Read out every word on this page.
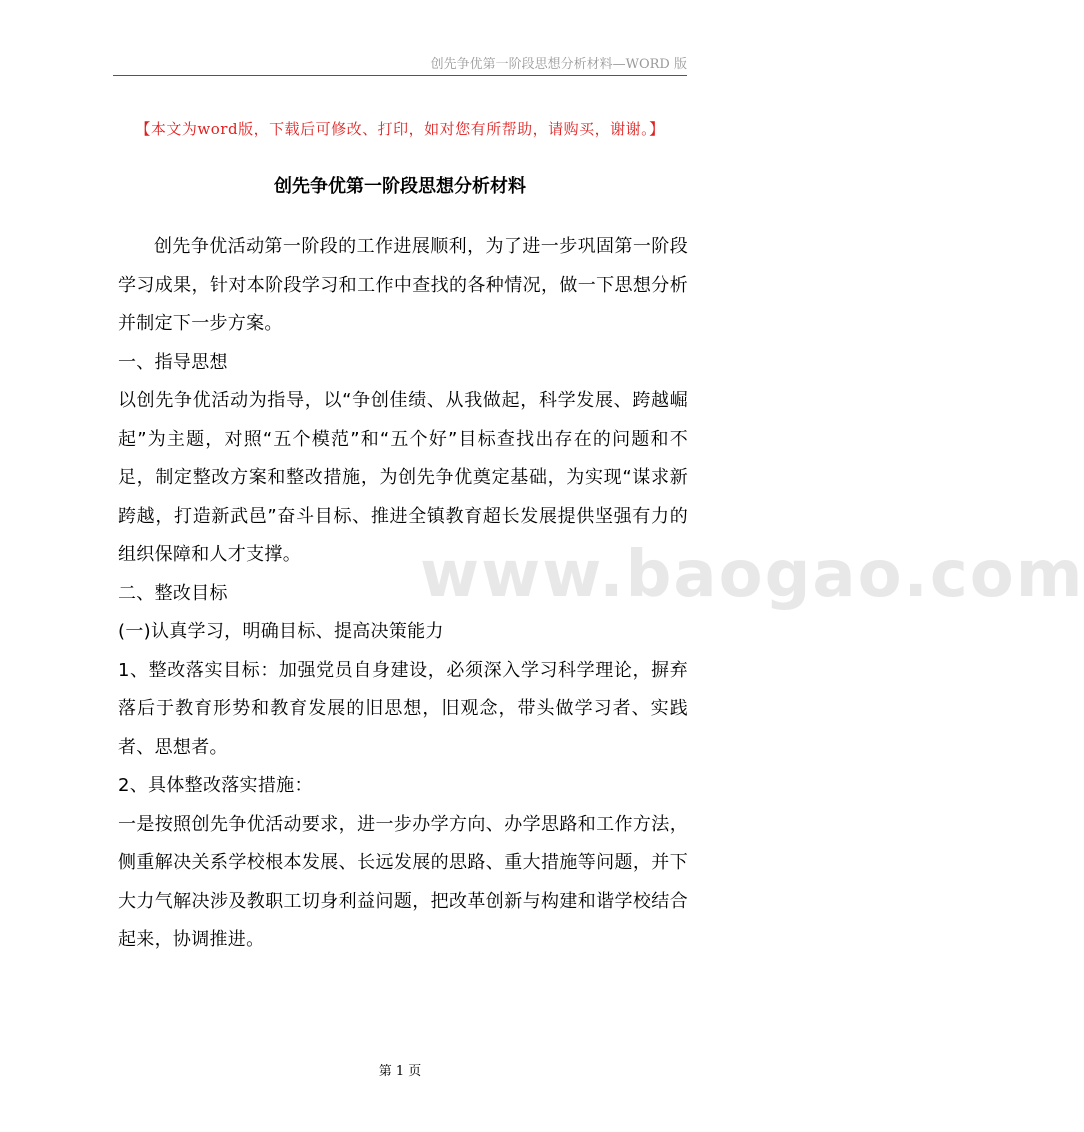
创先争优第一阶段思想分析材料—WORD 版
【本文为word版，下载后可修改、打印，如对您有所帮助，请购买，谢谢。】
创先争优第一阶段思想分析材料

创先争优活动第一阶段的工作进展顺利，为了进一步巩固第一阶段学习成果，针对本阶段学习和工作中查找的各种情况，做一下思想分析并制定下一步方案。

一、指导思想

以创先争优活动为指导，以“争创佳绩、从我做起，科学发展、跨越崛起”为主题，对照“五个模范”和“五个好”目标查找出存在的问题和不足，制定整改方案和整改措施，为创先争优奠定基础，为实现“谋求新跨越，打造新武邑”奋斗目标、推进全镇教育超长发展提供坚强有力的组织保障和人才支撑。

二、整改目标

(一)认真学习，明确目标、提高决策能力

1、整改落实目标：加强党员自身建设，必须深入学习科学理论，摒弃落后于教育形势和教育发展的旧思想，旧观念，带头做学习者、实践者、思想者。

2、具体整改落实措施：

一是按照创先争优活动要求，进一步办学方向、办学思路和工作方法，侧重解决关系学校根本发展、长远发展的思路、重大措施等问题，并下大力气解决涉及教职工切身利益问题，把改革创新与构建和谐学校结合起来，协调推进。

www.baogao.com
第 1 页
